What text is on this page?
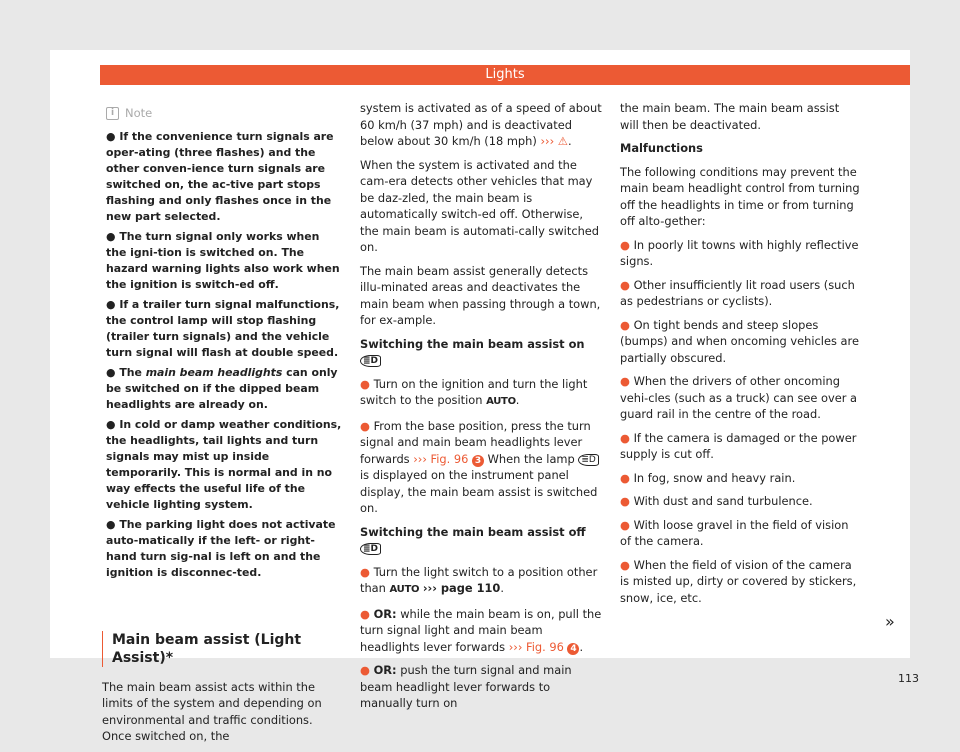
Lights
i Note

● If the convenience turn signals are oper-ating (three flashes) and the other conven-ience turn signals are switched on, the ac-tive part stops flashing and only flashes once in the new part selected.

● The turn signal only works when the igni-tion is switched on. The hazard warning lights also work when the ignition is switch-ed off.

● If a trailer turn signal malfunctions, the control lamp will stop flashing (trailer turn signals) and the vehicle turn signal will flash at double speed.

● The main beam headlights can only be switched on if the dipped beam headlights are already on.

● In cold or damp weather conditions, the headlights, tail lights and turn signals may mist up inside temporarily. This is normal and in no way effects the useful life of the vehicle lighting system.

● The parking light does not activate auto-matically if the left- or right-hand turn sig-nal is left on and the ignition is disconnec-ted.

Main beam assist (Light Assist)*

The main beam assist acts within the limits of the system and depending on environmental and traffic conditions. Once switched on, the

system is activated as of a speed of about 60 km/h (37 mph) and is deactivated below about 30 km/h (18 mph) ››› ⚠.

When the system is activated and the cam-era detects other vehicles that may be daz-zled, the main beam is automatically switch-ed off. Otherwise, the main beam is automati-cally switched on.

The main beam assist generally detects illu-minated areas and deactivates the main beam when passing through a town, for ex-ample.

Switching the main beam assist on ≣D

● Turn on the ignition and turn the light switch to the position AUTO.

● From the base position, press the turn signal and main beam headlights lever forwards ››› Fig. 96 3 When the lamp ≣D is displayed on the instrument panel display, the main beam assist is switched on.

Switching the main beam assist off ≣D

● Turn the light switch to a position other than AUTO ››› page 110.

● OR: while the main beam is on, pull the turn signal light and main beam headlights lever forwards ››› Fig. 96 4 .

● OR: push the turn signal and main beam headlight lever forwards to manually turn on

the main beam. The main beam assist will then be deactivated.

Malfunctions

The following conditions may prevent the main beam headlight control from turning off the headlights in time or from turning off alto-gether:

● In poorly lit towns with highly reflective signs.

● Other insufficiently lit road users (such as pedestrians or cyclists).

● On tight bends and steep slopes (bumps) and when oncoming vehicles are partially obscured.

● When the drivers of other oncoming vehi-cles (such as a truck) can see over a guard rail in the centre of the road.

● If the camera is damaged or the power supply is cut off.

● In fog, snow and heavy rain.

● With dust and sand turbulence.

● With loose gravel in the field of vision of the camera.

● When the field of vision of the camera is misted up, dirty or covered by stickers, snow, ice, etc.

»
113
